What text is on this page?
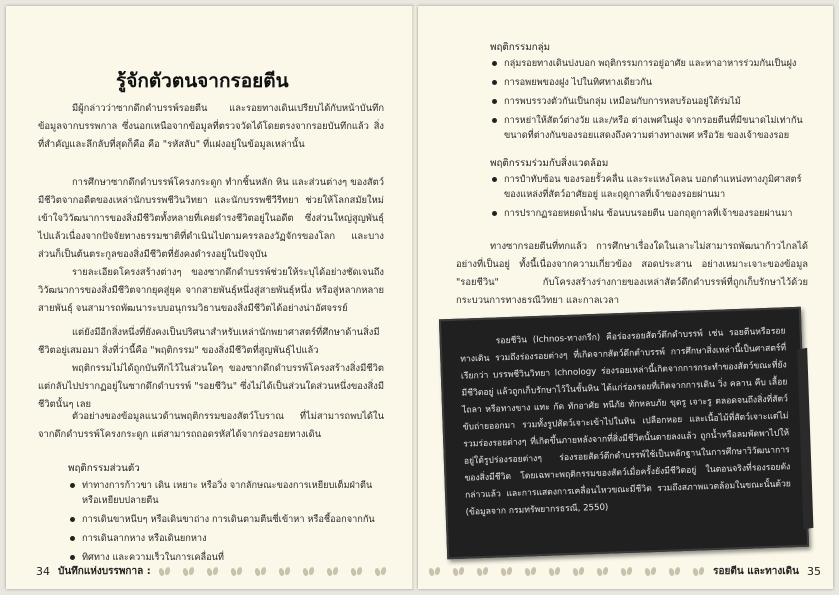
รู้จักตัวตนจากรอยตีน

มีผู้กล่าวว่าซากดึกดำบรรพ์รอยตีน และรอยทางเดินเปรียบได้กับหน้าบันทึกข้อมูลจากบรรพกาล ซึ่งนอกเหนือจากข้อมูลที่ตรวจวัดได้โดยตรงจากรอยบันทึกแล้ว สิ่งที่สำคัญและลึกลับที่สุดก็คือ คือ "รหัสลับ" ที่แฝงอยู่ในข้อมูลเหล่านั้น

การศึกษาซากดึกดำบรรพ์โครงกระดูก ทำกชิ้นหลัก หิน และส่วนต่างๆ ของสัตว์มีชีวิตจากอดีตของเหล่านักบรรพชีวินวิทยา และนักบรรพชีวีรีทยา ช่วยให้โลกสมัยใหม่เข้าใจวิวัฒนาการของสิ่งมีชีวิตทั้งหลายที่เคยดำรงชีวิตอยู่ในอดีต ซึ่งส่วนใหญ่สูญพันธุ์ไปแล้วเนื่องจากปัจจัยทางธรรมชาติที่ดำเนินไปตามครรลองวัฏจักรของโลก และบางส่วนก็เป็นต้นตระกูลของสิ่งมีชีวิตที่ยังคงดำรงอยู่ในปัจจุบัน

รายละเอียดโครงสร้างต่างๆ ของซากดึกดำบรรพ์ช่วยให้ระบุได้อย่างชัดเจนถึงวิวัฒนาการของสิ่งมีชีวิตจากยุคสู่ยุค จากสายพันธุ์หนึ่งสู่สายพันธุ์หนึ่ง หรือสู่หลากหลายสายพันธุ์ จนสามารถพัฒนาระบบอนุกรมวิธานของสิ่งมีชีวิตได้อย่างน่าอัศจรรย์

แต่ยังมีอีกสิ่งหนึ่งที่ยังคงเป็นปริศนาสำหรับเหล่านักพยาศาสตร์ที่ศึกษาด้านสิ่งมีชีวิตอยู่เสมอมา สิ่งที่ว่านี้คือ "พฤติกรรม" ของสิ่งมีชีวิตที่สูญพันธุ์ไปแล้ว

พฤติกรรมไม่ได้ถูกบันทึกไว้ในส่วนใดๆ ของซากดึกดำบรรพ์โครงสร้างสิ่งมีชีวิต แต่กลับไปปรากฏอยู่ในซากดึกดำบรรพ์ "รอยชีวิน" ซึ่งไม่ได้เป็นส่วนใดส่วนหนึ่งของสิ่งมีชีวิตนั้นๆ เลย

ตัวอย่างของข้อมูลแนวด้านพฤติกรรมของสัตว์โบราณ ที่ไม่สามารถพบได้ในจากดึกดำบรรพ์โครงกระดูก แต่สามารถถอดรหัสได้จากร่องรอยทางเดิน

พฤติกรรมส่วนตัว
ท่าทางการก้าวขา เดิน เหยาะ หรือวิ่ง จากลักษณะของการเหยียบเต็มฝ่าตีน หรือเหยียบปลายตีน
การเดินขาหนีบๆ หรือเดินขาถ่าง การเดินตามตีนซี่เข้าหา หรือชี้ออกจากกัน
การเดินลากหาง หรือเดินยกหาง
ทิศทาง และความเร็วในการเคลื่อนที่
34 บันทึกแห่งบรรพกาล :
พฤติกรรมกลุ่ม
กลุ่มรอยทางเดินบ่งบอก พฤติกรรมการอยู่อาศัย และหาอาหารร่วมกันเป็นฝูง
การอพยพของฝูง ไปในทิศทางเดียวกัน
การพบรรวงตัวกันเป็นกลุ่ม เหมือนกับการหลบร้อนอยู่ใต้ร่มไม้
การหย่าให้สัตว์ต่างวัย และ/หรือ ต่างเพศในฝูง จากรอยตีนที่มีขนาดไม่เท่ากันขนาดที่ต่างกันของรอยแสดงถึงความต่างทางเพศ หรือวัย ของเจ้าของรอย
พฤติกรรมร่วมกับสิ่งแวดล้อม
การปำทับซ้อน ของรอยรั้วคลื่น และระแหงโคลน บอกตำแหน่งทางภูมิศาสตร์ของแหล่งที่สัตว์อาศัยอยู่ และฤดูกาลที่เจ้าของรอยผ่านมา
การปรากฏรอยหยดน้ำฝน ซ้อนบนรอยตีน บอกฤดูกาลที่เจ้าของรอยผ่านมา

ทางซากรอยตีนที่ทกแล้ว การศึกษาเรื่องใดในเลาะไม่สามารถพัฒนาก้าวไกลได้อย่างที่เป็นอยู่ ทั้งนี้เนื่องจากความเกี่ยวข้อง สอดประสาน อย่างเหมาะเจาะของข้อมูล "รอยชีวิน" กับโครงสร้างร่างกายของเหล่าสัตว์ดึกดำบรรพ์ที่ถูกเก็บรักษาไว้ด้วยกระบวนการทางธรณีวิทยา และกาลเวลา

รอยชีวิน (Ichnos-ทางกรีก) คือร่องรอยสัตว์ดึกดำบรรพ์ เช่น รอยตีนหรือรอยทางเดิน รวมถึงร่องรอยต่างๆ ที่เกิดจากสัตว์ดึกดำบรรพ์ การศึกษาสิ่งเหล่านี้เป็นศาสตร์ที่เรียกว่า บรรพชีวินวิทยา Ichnology ร่องรอยเหล่านี้เกิดจากการกระทำของสัตว์ขณะที่ยังมีชีวิตอยู่ แล้วถูกเก็บรักษาไว้ในชั้นหิน ได้แก่ร่องรอยที่เกิดจากการเดิน วิ่ง คลาน คืบ เลื้อย ไถลา หรือทางขาง แทะ กัด ทักอาศัย หนีภัย ทักหลบภัย ขุดรู เจาะรู ตลอดจนถึงสิ่งที่สัตว์ขับถ่ายออกมา รวมทั้งรูปสัตว์เจาะเข้าไปในหิน เปลือกหอย และเนื้อไม้ที่สัตว์เจาะแต่ไม่รวมร่องรอยต่างๆ ที่เกิดขึ้นภายหลังจากที่สิ่งมีชีวิตนั้นตายลงแล้ว ถูกน้ำหรือลมพัดพาไปให้อยู่ใต้รูปร่องรอยต่างๆ ร่องรอยสัตว์ดึกดำบรรพ์ใช้เป็นหลักฐานในการศึกษาวิวัฒนาการของสิ่งมีชีวิต โดยเฉพาะพฤติกรรมของสัตว์เมื่อครั้งยังมีชีวิตอยู่ ในตอนจริงที่รองรอยดังกล่าวแล้ว และการแสดงการเคลื่อนไหวขณะมีชีวิต รวมถึงสภาพแวดล้อมในขณะนั้นด้วย (ข้อมูลจาก กรมทรัพยากรธรณี, 2550)

รอยตีน และทางเดิน 35
